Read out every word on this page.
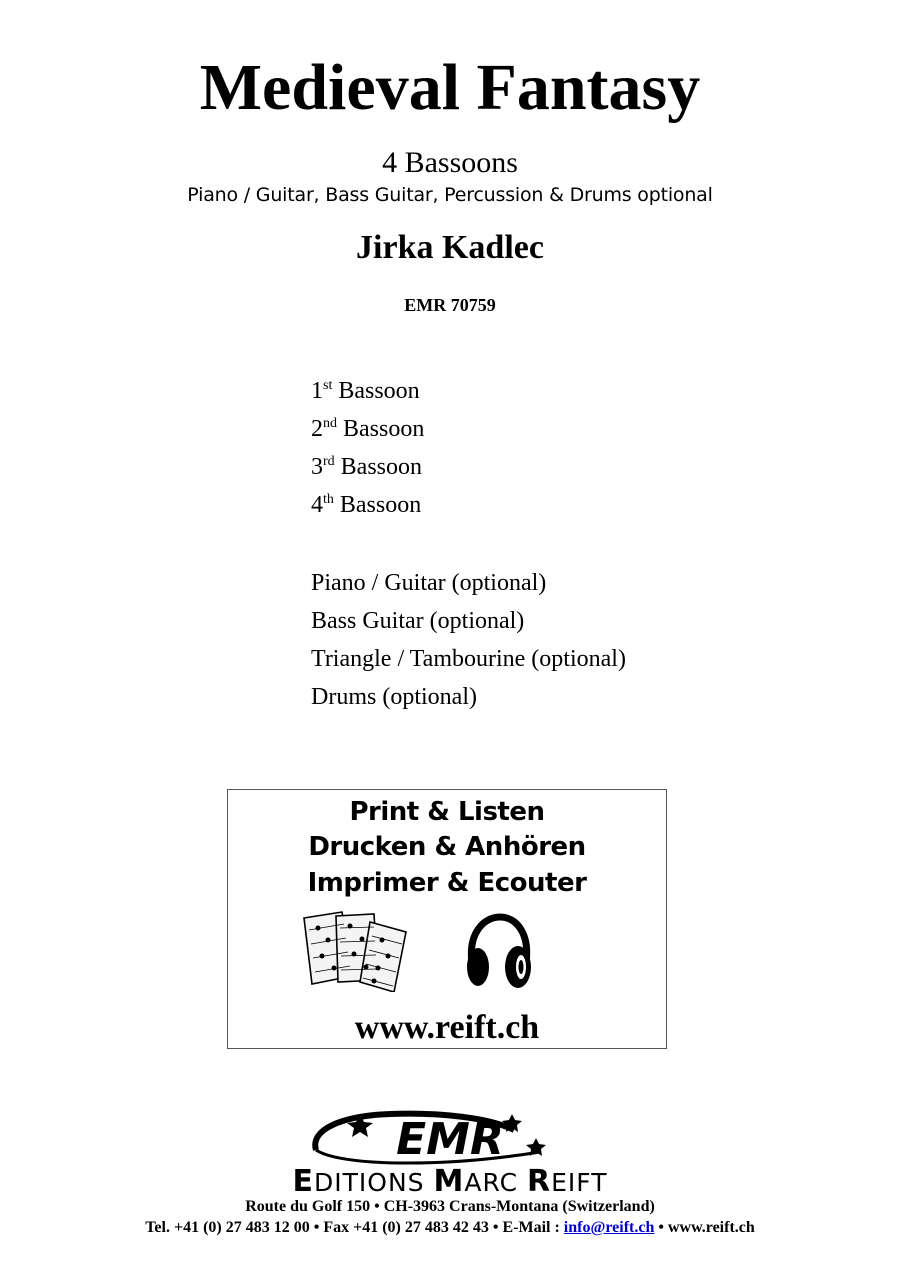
Medieval Fantasy
4 Bassoons
Piano / Guitar, Bass Guitar, Percussion & Drums optional
Jirka Kadlec
EMR 70759
1st Bassoon
2nd Bassoon
3rd Bassoon
4th Bassoon
Piano / Guitar (optional)
Bass Guitar (optional)
Triangle / Tambourine (optional)
Drums (optional)
Print & Listen
Drucken & Anhören
Imprimer & Ecouter
www.reift.ch
EMR
EDITIONS MARC REIFT
Route du Golf 150 • CH-3963 Crans-Montana (Switzerland)
Tel. +41 (0) 27 483 12 00 • Fax +41 (0) 27 483 42 43 • E-Mail : info@reift.ch • www.reift.ch
